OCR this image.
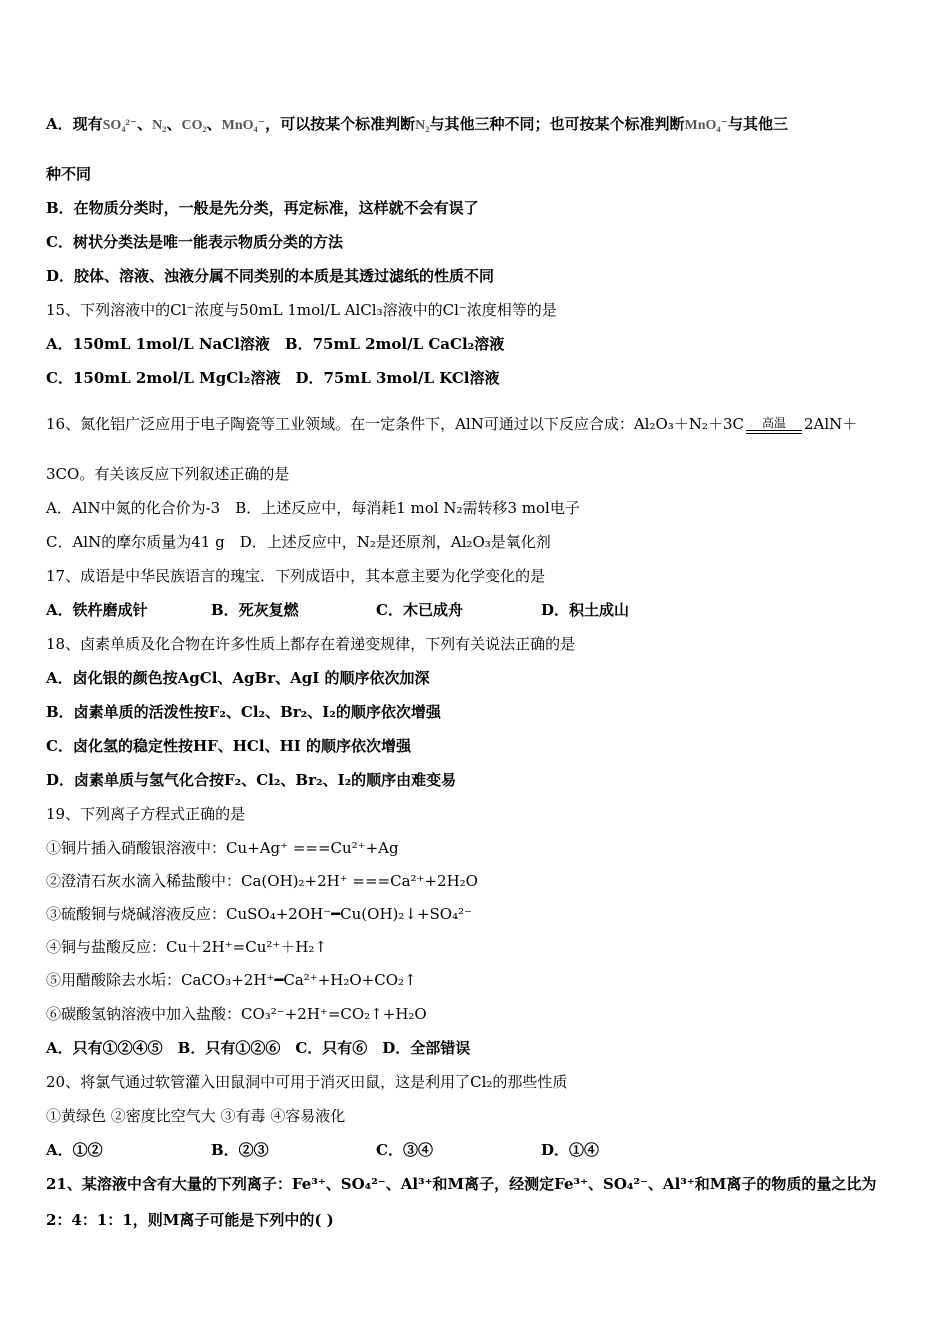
A．现有SO₄²⁻、N₂、CO₂、MnO₄⁻，可以按某个标准判断N₂与其他三种不同；也可按某个标准判断MnO₄⁻与其他三
种不同
B．在物质分类时，一般是先分类，再定标准，这样就不会有误了
C．树状分类法是唯一能表示物质分类的方法
D．胶体、溶液、浊液分属不同类别的本质是其透过滤纸的性质不同
15、下列溶液中的Cl⁻浓度与50mL 1mol/L AlCl₃溶液中的Cl⁻浓度相等的是
A．150mL 1mol/L NaCl溶液　B．75mL 2mol/L CaCl₂溶液
C．150mL 2mol/L MgCl₂溶液　D．75mL 3mol/L KCl溶液
16、氮化铝广泛应用于电子陶瓷等工业领域。在一定条件下，AlN可通过以下反应合成：Al₂O₃＋N₂＋3C	高温	2AlN＋
3CO。有关该反应下列叙述正确的是
A．AlN中氮的化合价为-3　B．上述反应中，每消耗1 mol N₂需转移3 mol电子
C．AlN的摩尔质量为41 g　D．上述反应中，N₂是还原剂，Al₂O₃是氧化剂
17、成语是中华民族语言的瑰宝．下列成语中，其本意主要为化学变化的是
A．铁杵磨成针	B．死灰复燃	C．木已成舟	D．积土成山
18、卤素单质及化合物在许多性质上都存在着递变规律，下列有关说法正确的是
A．卤化银的颜色按AgCl、AgBr、AgI 的顺序依次加深
B．卤素单质的活泼性按F₂、Cl₂、Br₂、I₂的顺序依次增强
C．卤化氢的稳定性按HF、HCl、HI 的顺序依次增强
D．卤素单质与氢气化合按F₂、Cl₂、Br₂、I₂的顺序由难变易
19、下列离子方程式正确的是
①铜片插入硝酸银溶液中：Cu+Ag⁺ ===Cu²⁺+Ag
②澄清石灰水滴入稀盐酸中：Ca(OH)₂+2H⁺ ===Ca²⁺+2H₂O
③硫酸铜与烧碱溶液反应：CuSO₄+2OH⁻━Cu(OH)₂↓+SO₄²⁻
④铜与盐酸反应：Cu＋2H⁺=Cu²⁺＋H₂↑
⑤用醋酸除去水垢：CaCO₃+2H⁺━Ca²⁺+H₂O+CO₂↑
⑥碳酸氢钠溶液中加入盐酸：CO₃²⁻+2H⁺=CO₂↑+H₂O
A．只有①②④⑤　B．只有①②⑥　C．只有⑥　D．全部错误
20、将氯气通过软管灌入田鼠洞中可用于消灭田鼠，这是利用了Cl₂的那些性质
①黄绿色 ②密度比空气大 ③有毒 ④容易液化
A．①②	B．②③	C．③④	D．①④
21、某溶液中含有大量的下列离子：Fe³⁺、SO₄²⁻、Al³⁺和M离子，经测定Fe³⁺、SO₄²⁻、Al³⁺和M离子的物质的量之比为
2：4：1：1，则M离子可能是下列中的( )
